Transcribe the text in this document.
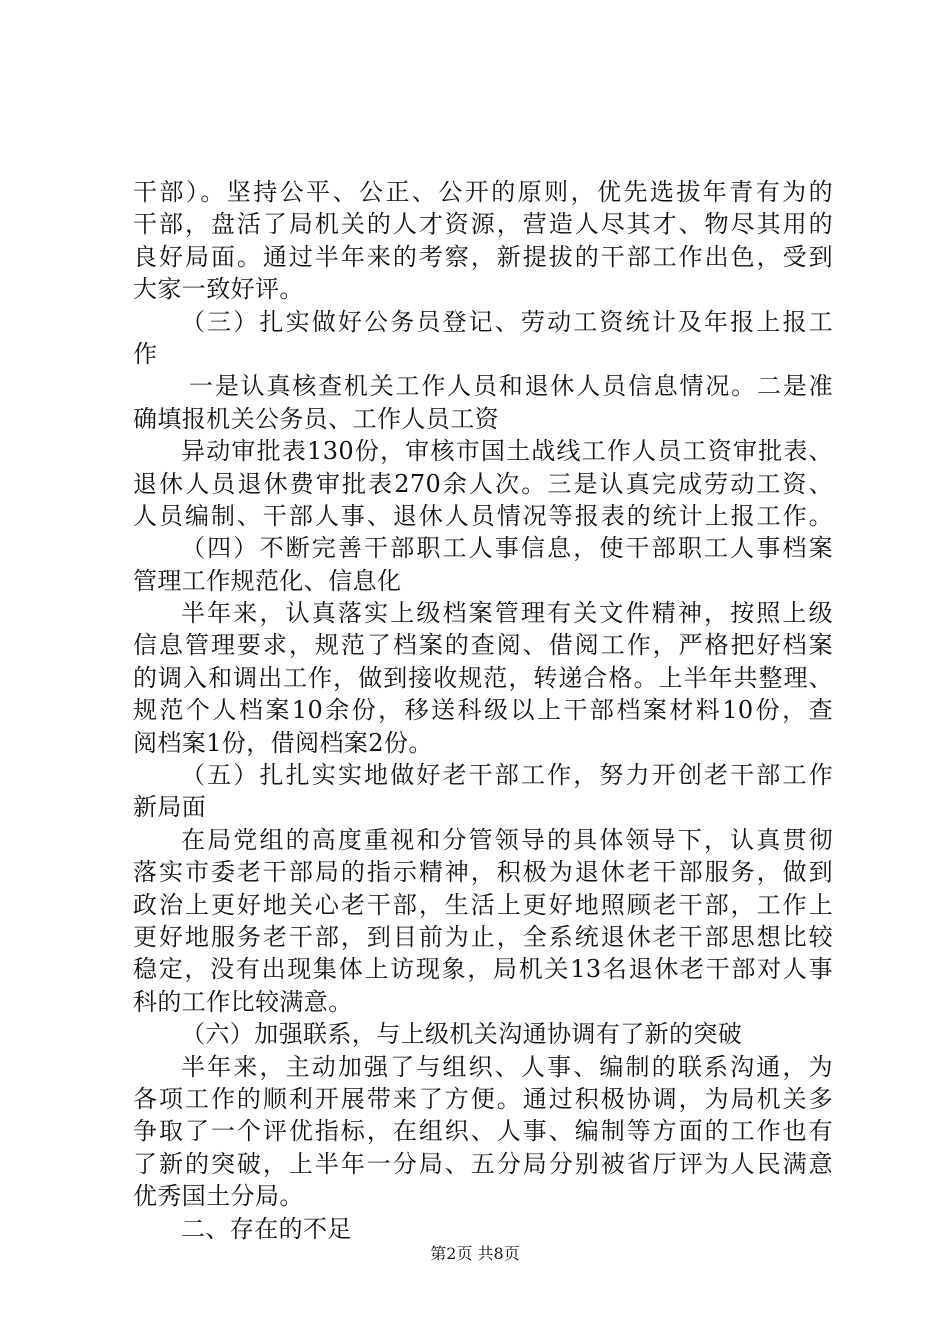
干部）。坚持公平、公正、公开的原则，优先选拔年青有为的
干部，盘活了局机关的人才资源，营造人尽其才、物尽其用的
良好局面。通过半年来的考察，新提拔的干部工作出色，受到
大家一致好评。
（三）扎实做好公务员登记、劳动工资统计及年报上报工
作
一是认真核查机关工作人员和退休人员信息情况。二是准
确填报机关公务员、工作人员工资
异动审批表130份，审核市国土战线工作人员工资审批表、
退休人员退休费审批表270余人次。三是认真完成劳动工资、
人员编制、干部人事、退休人员情况等报表的统计上报工作。
（四）不断完善干部职工人事信息，使干部职工人事档案
管理工作规范化、信息化
半年来，认真落实上级档案管理有关文件精神，按照上级
信息管理要求，规范了档案的查阅、借阅工作，严格把好档案
的调入和调出工作，做到接收规范，转递合格。上半年共整理、
规范个人档案10余份，移送科级以上干部档案材料10份，查
阅档案1份，借阅档案2份。
（五）扎扎实实地做好老干部工作，努力开创老干部工作
新局面
在局党组的高度重视和分管领导的具体领导下，认真贯彻
落实市委老干部局的指示精神，积极为退休老干部服务，做到
政治上更好地关心老干部，生活上更好地照顾老干部，工作上
更好地服务老干部，到目前为止，全系统退休老干部思想比较
稳定，没有出现集体上访现象，局机关13名退休老干部对人事
科的工作比较满意。
（六）加强联系，与上级机关沟通协调有了新的突破
半年来，主动加强了与组织、人事、编制的联系沟通，为
各项工作的顺利开展带来了方便。通过积极协调，为局机关多
争取了一个评优指标，在组织、人事、编制等方面的工作也有
了新的突破，上半年一分局、五分局分别被省厅评为人民满意
优秀国土分局。
二、存在的不足
第2页 共8页
